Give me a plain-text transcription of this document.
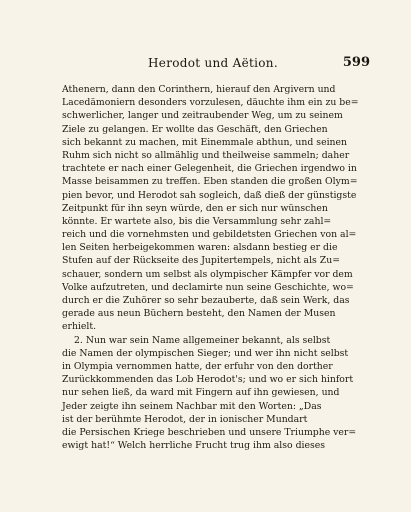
Herodot und Aëtion.	599
Athenern, dann den Corinthern, hierauf den Argivern und
Lacedämoniern desonders vorzulesen, däuchte ihm ein zu be=
schwerlicher, langer und zeitraubender Weg, um zu seinem
Ziele zu gelangen. Er wollte das Geschäft, den Griechen
sich bekannt zu machen, mit Einemmale abthun, und seinen
Ruhm sich nicht so allmählig und theilweise sammeln; daher
trachtete er nach einer Gelegenheit, die Griechen irgendwo in
Masse beisammen zu treffen. Eben standen die großen Olym=
pien bevor, und Herodot sah sogleich, daß dieß der günstigste
Zeitpunkt für ihn seyn würde, den er sich nur wünschen
könnte. Er wartete also, bis die Versammlung sehr zahl=
reich und die vornehmsten und gebildetsten Griechen von al=
len Seiten herbeigekommen waren: alsdann bestieg er die
Stufen auf der Rückseite des Jupitertempels, nicht als Zu=
schauer, sondern um selbst als olympischer Kämpfer vor dem
Volke aufzutreten, und declamirte nun seine Geschichte, wo=
durch er die Zuhörer so sehr bezauberte, daß sein Werk, das
gerade aus neun Büchern besteht, den Namen der Musen
erhielt.
2. Nun war sein Name allgemeiner bekannt, als selbst
die Namen der olympischen Sieger; und wer ihn nicht selbst
in Olympia vernommen hatte, der erfuhr von den dorther
Zurückkommenden das Lob Herodot's; und wo er sich hinfort
nur sehen ließ, da ward mit Fingern auf ihn gewiesen, und
Jeder zeigte ihn seinem Nachbar mit den Worten: „Das
ist der berühmte Herodot, der in ionischer Mundart
die Persischen Kriege beschrieben und unsere Triumphe ver=
ewigt hat!“ Welch herrliche Frucht trug ihm also dieses
